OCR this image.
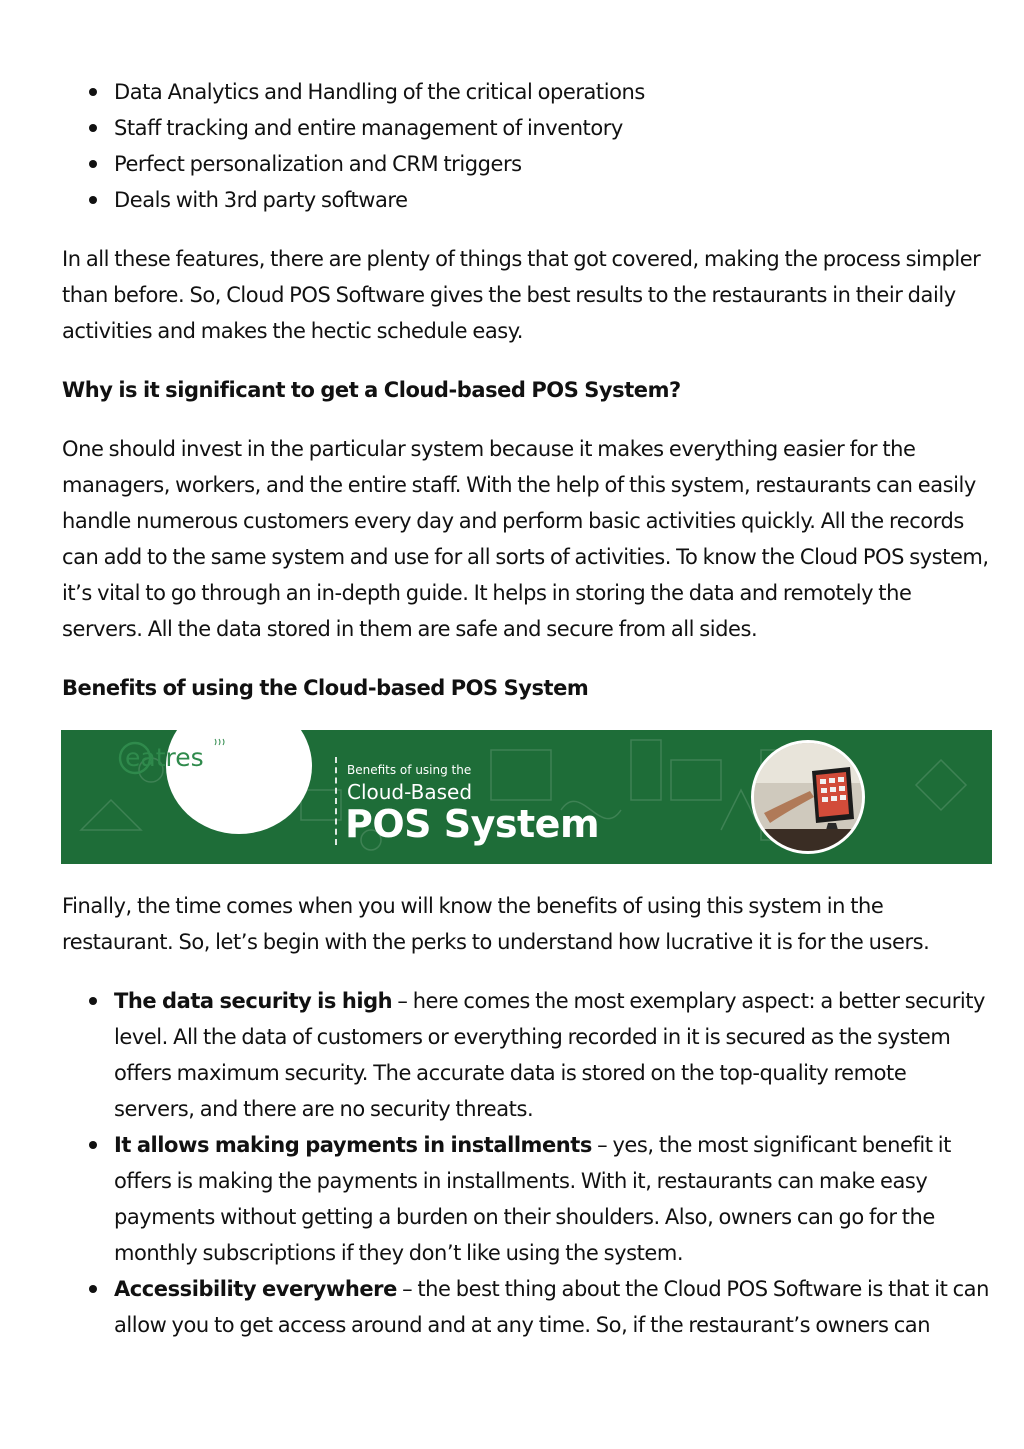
Data Analytics and Handling of the critical operations
Staff tracking and entire management of inventory
Perfect personalization and CRM triggers
Deals with 3rd party software

In all these features, there are plenty of things that got covered, making the process simpler than before. So, Cloud POS Software gives the best results to the restaurants in their daily activities and makes the hectic schedule easy.

Why is it significant to get a Cloud-based POS System?

One should invest in the particular system because it makes everything easier for the managers, workers, and the entire staff. With the help of this system, restaurants can easily handle numerous customers every day and perform basic activities quickly. All the records can add to the same system and use for all sorts of activities. To know the Cloud POS system, it’s vital to go through an in-depth guide. It helps in storing the data and remotely the servers. All the data stored in them are safe and secure from all sides.

Benefits of using the Cloud-based POS System

eatres	Benefits of using the
Cloud-Based
POS System

Finally, the time comes when you will know the benefits of using this system in the restaurant. So, let’s begin with the perks to understand how lucrative it is for the users.

The data security is high – here comes the most exemplary aspect: a better security level. All the data of customers or everything recorded in it is secured as the system offers maximum security. The accurate data is stored on the top-quality remote servers, and there are no security threats.
It allows making payments in installments – yes, the most significant benefit it offers is making the payments in installments. With it, restaurants can make easy payments without getting a burden on their shoulders. Also, owners can go for the monthly subscriptions if they don’t like using the system.
Accessibility everywhere – the best thing about the Cloud POS Software is that it can allow you to get access around and at any time. So, if the restaurant’s owners can
